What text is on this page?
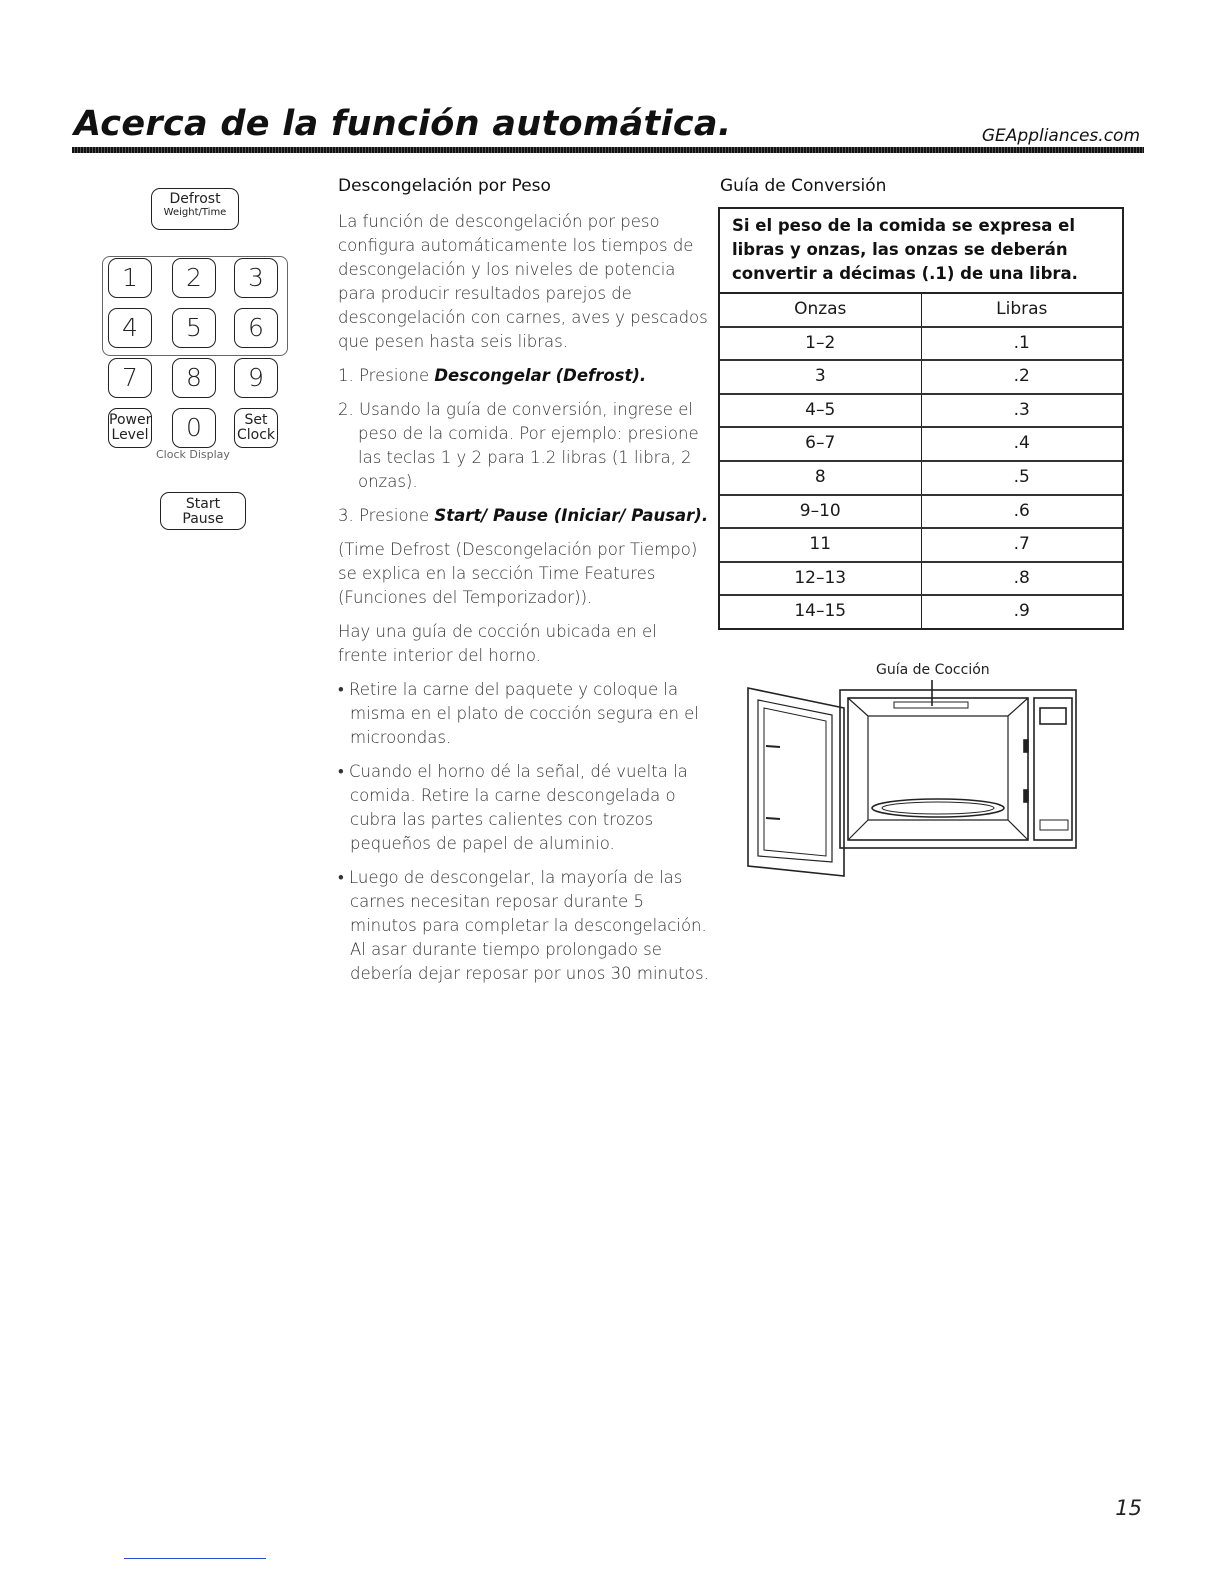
Acerca de la función automática.	GEAppliances.com
Defrost
Weight/Time
1	2	3
4	5	6
7	8	9
Power
Level	0	Set
Clock
Clock Display
Start
Pause
Descongelación por Peso

La función de descongelación por peso configura automáticamente los tiempos de descongelación y los niveles de potencia para producir resultados parejos de descongelación con carnes, aves y pescados que pesen hasta seis libras.

1. Presione Descongelar (Defrost).

2. Usando la guía de conversión, ingrese el peso de la comida. Por ejemplo: presione las teclas 1 y 2 para 1.2 libras (1 libra, 2 onzas).

3. Presione Start/ Pause (Iniciar/ Pausar).

(Time Defrost (Descongelación por Tiempo) se explica en la sección Time Features (Funciones del Temporizador)).

Hay una guía de cocción ubicada en el frente interior del horno.

• Retire la carne del paquete y coloque la misma en el plato de cocción segura en el microondas.

• Cuando el horno dé la señal, dé vuelta la comida. Retire la carne descongelada o cubra las partes calientes con trozos pequeños de papel de aluminio.

• Luego de descongelar, la mayoría de las carnes necesitan reposar durante 5 minutos para completar la descongelación. Al asar durante tiempo prolongado se debería dejar reposar por unos 30 minutos.

Guía de Conversión
Si el peso de la comida se expresa el libras y onzas, las onzas se deberán convertir a décimas (.1) de una libra.
Onzas	Libras
1–2	.1
3	.2
4–5	.3
6–7	.4
8	.5
9–10	.6
11	.7
12–13	.8
14–15	.9
Guía de Cocción
15
